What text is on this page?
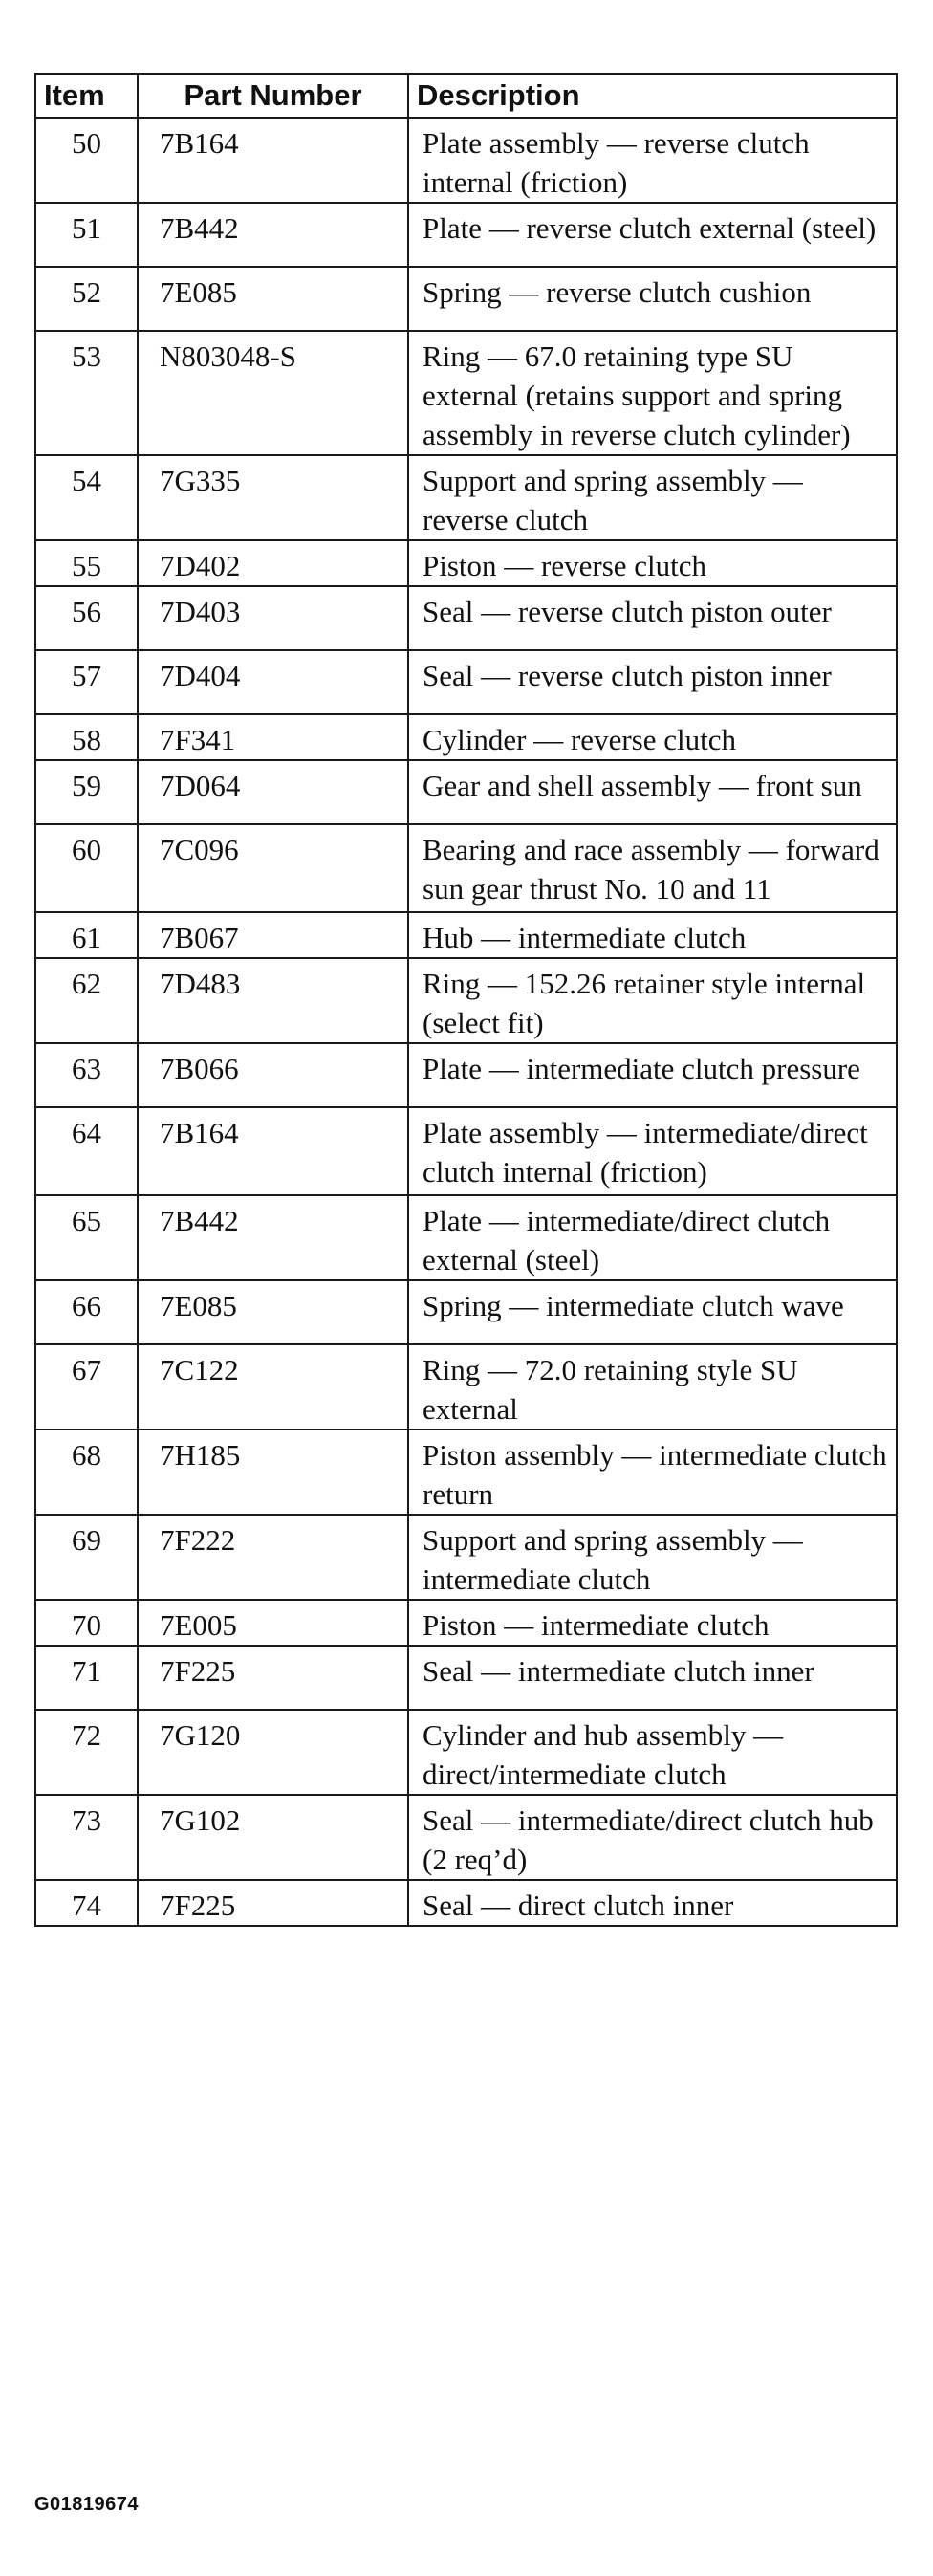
Item	Part Number	Description
50	7B164	Plate assembly — reverse clutch internal (friction)
51	7B442	Plate — reverse clutch external (steel)
52	7E085	Spring — reverse clutch cushion
53	N803048-S	Ring — 67.0 retaining type SU external (retains support and spring assembly in reverse clutch cylinder)
54	7G335	Support and spring assembly — reverse clutch
55	7D402	Piston — reverse clutch
56	7D403	Seal — reverse clutch piston outer
57	7D404	Seal — reverse clutch piston inner
58	7F341	Cylinder — reverse clutch
59	7D064	Gear and shell assembly — front sun
60	7C096	Bearing and race assembly — forward sun gear thrust No. 10 and 11
61	7B067	Hub — intermediate clutch
62	7D483	Ring — 152.26 retainer style internal (select fit)
63	7B066	Plate — intermediate clutch pressure
64	7B164	Plate assembly — intermediate/direct clutch internal (friction)
65	7B442	Plate — intermediate/direct clutch external (steel)
66	7E085	Spring — intermediate clutch wave
67	7C122	Ring — 72.0 retaining style SU external
68	7H185	Piston assembly — intermediate clutch return
69	7F222	Support and spring assembly — intermediate clutch
70	7E005	Piston — intermediate clutch
71	7F225	Seal — intermediate clutch inner
72	7G120	Cylinder and hub assembly — direct/intermediate clutch
73	7G102	Seal — intermediate/direct clutch hub (2 req’d)
74	7F225	Seal — direct clutch inner
G01819674
